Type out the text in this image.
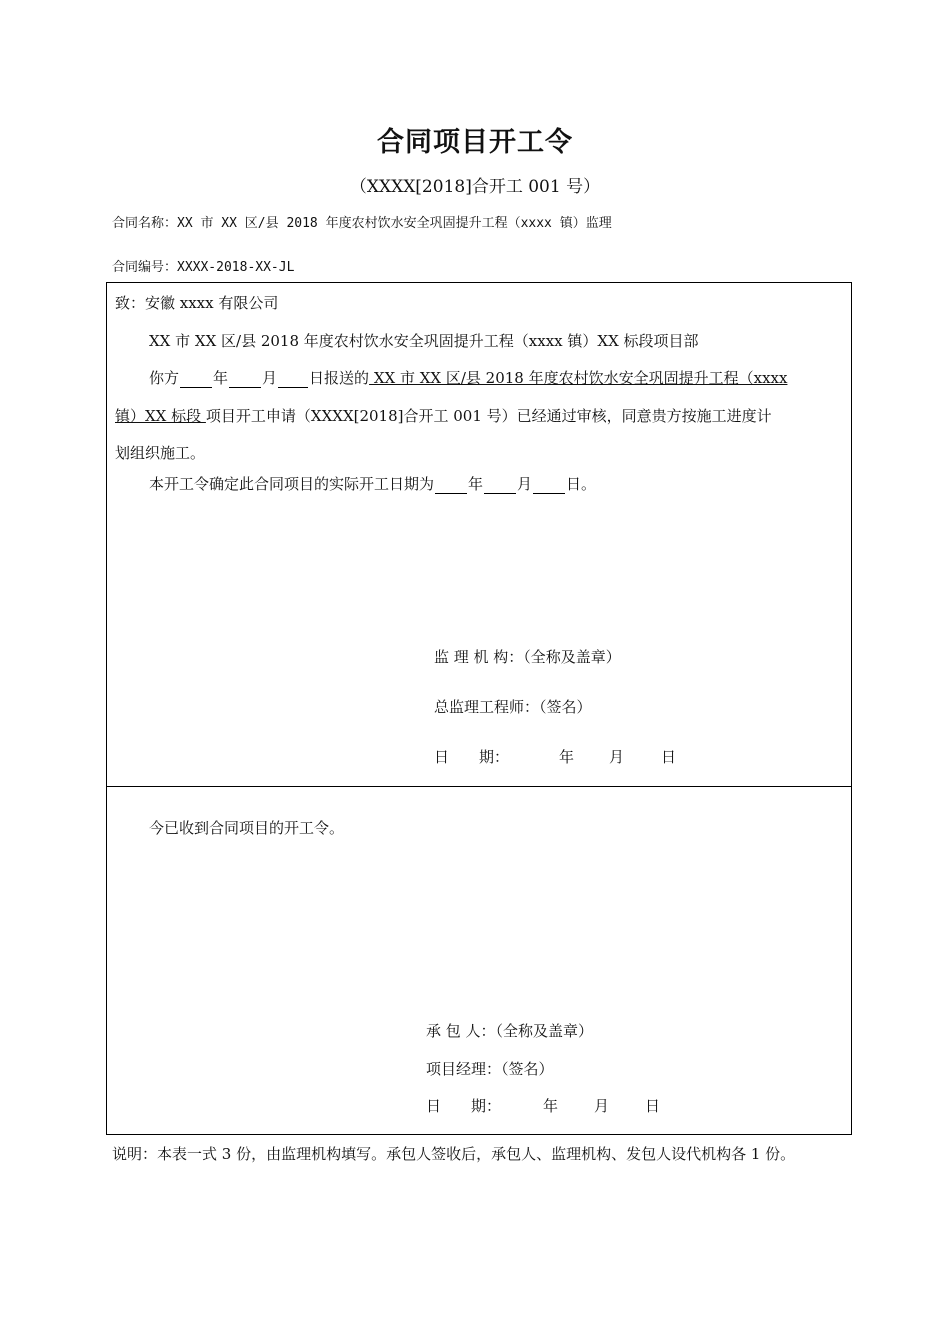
合同项目开工令
（XXXX[2018]合开工 001 号）
合同名称：XX 市 XX 区/县 2018 年度农村饮水安全巩固提升工程（xxxx 镇）监理
合同编号：XXXX-2018-XX-JL
致：安徽 xxxx 有限公司
XX 市 XX 区/县 2018 年度农村饮水安全巩固提升工程（xxxx 镇）XX 标段项目部
你方 年 月 日报送的 XX 市 XX 区/县 2018 年度农村饮水安全巩固提升工程（xxxx
镇）XX 标段 项目开工申请（XXXX[2018]合开工 001 号）已经通过审核，同意贵方按施工进度计
划组织施工。
本开工令确定此合同项目的实际开工日期为 年 月 日。
监 理 机 构：（全称及盖章）
总监理工程师：（签名）
日　　期：	年 月 日
今已收到合同项目的开工令。
承 包 人：（全称及盖章）
项目经理：（签名）
日　　期：	年 月 日
说明：本表一式 3 份，由监理机构填写。承包人签收后，承包人、监理机构、发包人设代机构各 1 份。
